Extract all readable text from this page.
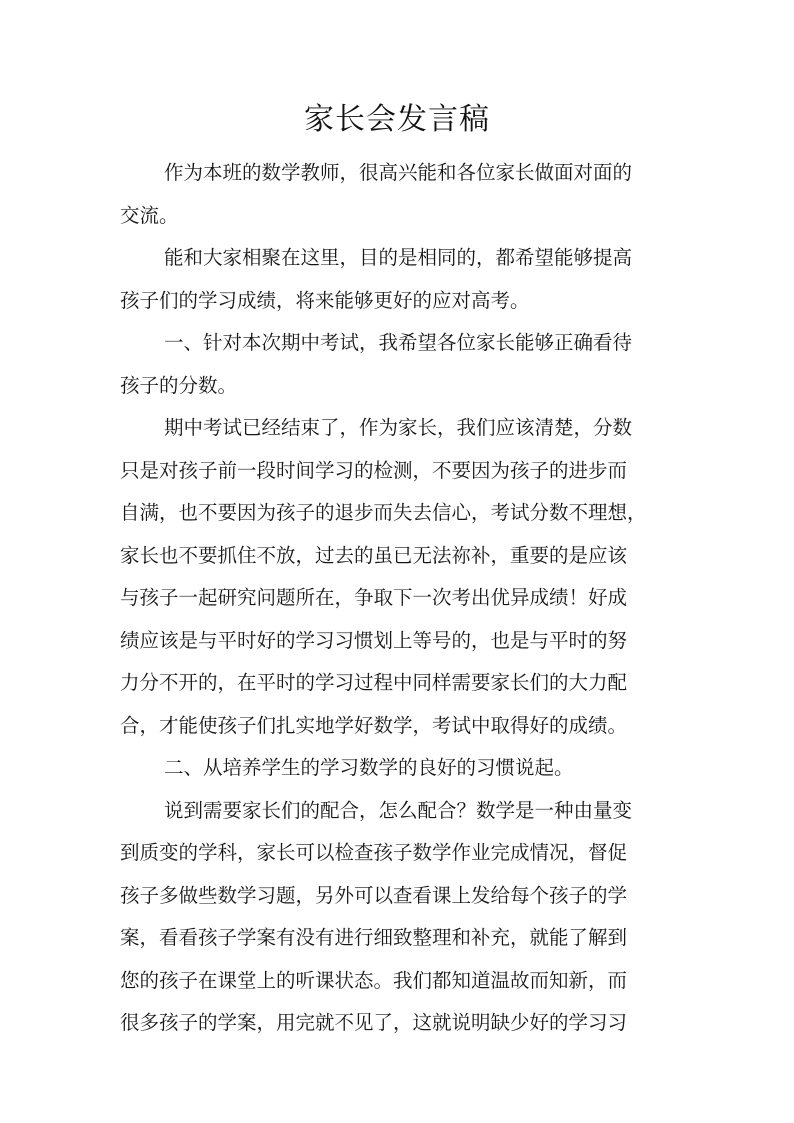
家长会发言稿
作为本班的数学教师，很高兴能和各位家长做面对面的
交流。
能和大家相聚在这里，目的是相同的，都希望能够提高
孩子们的学习成绩，将来能够更好的应对高考。
一、针对本次期中考试，我希望各位家长能够正确看待
孩子的分数。
期中考试已经结束了，作为家长，我们应该清楚，分数
只是对孩子前一段时间学习的检测，不要因为孩子的进步而
自满，也不要因为孩子的退步而失去信心，考试分数不理想，
家长也不要抓住不放，过去的虽已无法祢补，重要的是应该
与孩子一起研究问题所在，争取下一次考出优异成绩！好成
绩应该是与平时好的学习习惯划上等号的，也是与平时的努
力分不开的，在平时的学习过程中同样需要家长们的大力配
合，才能使孩子们扎实地学好数学，考试中取得好的成绩。
二、从培养学生的学习数学的良好的习惯说起。
说到需要家长们的配合，怎么配合？数学是一种由量变
到质变的学科，家长可以检查孩子数学作业完成情况，督促
孩子多做些数学习题，另外可以查看课上发给每个孩子的学
案，看看孩子学案有没有进行细致整理和补充，就能了解到
您的孩子在课堂上的听课状态。我们都知道温故而知新，而
很多孩子的学案，用完就不见了，这就说明缺少好的学习习
